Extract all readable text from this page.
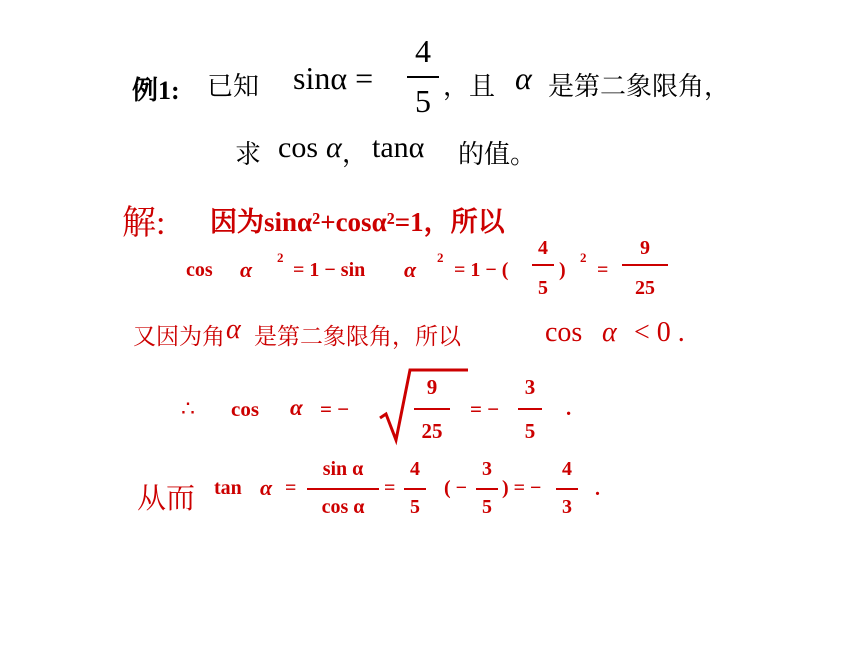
例1: 已知 sinα =
4
5 ，且 α 是第二象限角，
求 cos α ， tanα 的值。
解: 因为sinα²+cosα²=1，所以
cos α 2
= 1 − sin α 2
= 1 − (
4
5
)
2
=
9
25
又因为角 α 是第二象限角，所以	cos α < 0 .
∴ cos α = −
9
25
= −
3
5
.
从而 tan α =
sin α
cos α
=
4
5
( −
3
5
) = −
4
3
.
